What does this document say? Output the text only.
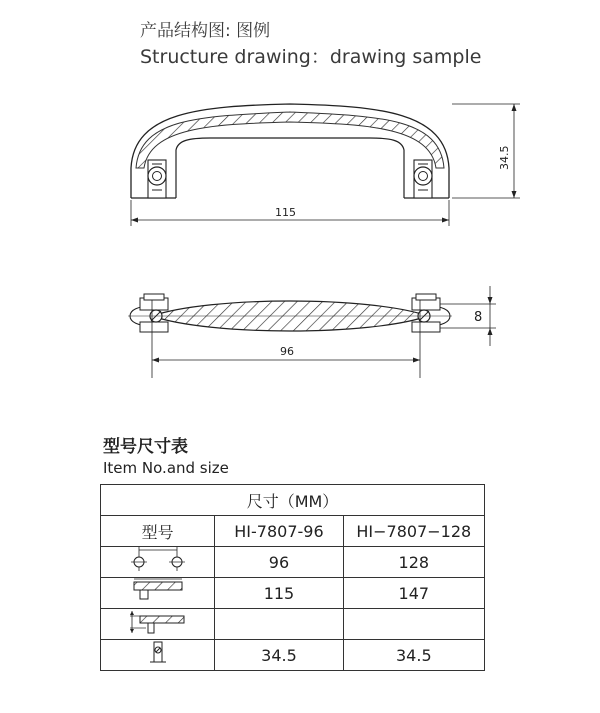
产品结构图: 图例
Structure drawing：drawing sample
115
34.5
96
8
型号尺寸表
Item No.and size
尺寸（MM）		
型号	HI-7807-96	HI−7807−128
	96	128
	115	147

	34.5	34.5
